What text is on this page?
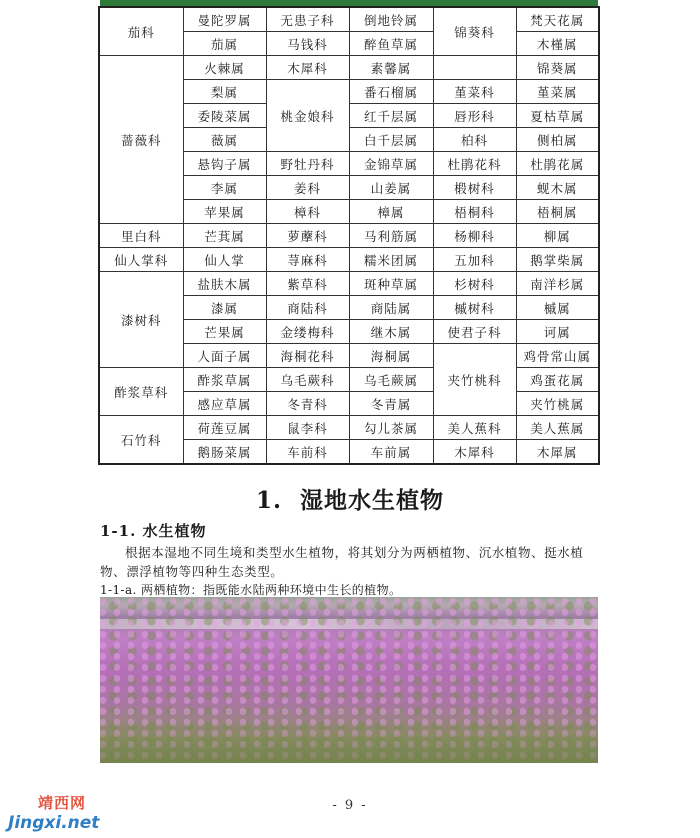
茄科	曼陀罗属	无患子科	倒地铃属	锦葵科	梵天花属
	茄属	马钱科	醉鱼草属		木槿属
蔷薇科	火棘属	木犀科	素馨属		锦葵属
	梨属	桃金娘科	番石榴属	堇菜科	堇菜属
	委陵菜属		红千层属	唇形科	夏枯草属
	薇属		白千层属	柏科	侧柏属
	悬钩子属	野牡丹科	金锦草属	杜鹃花科	杜鹃花属
	李属	姜科	山姜属	椴树科	蚬木属
	苹果属	樟科	樟属	梧桐科	梧桐属
里白科	芒萁属	萝藦科	马利筋属	杨柳科	柳属
仙人掌科	仙人掌	荨麻科	糯米团属	五加科	鹅掌柴属
漆树科	盐肤木属	紫草科	斑种草属	杉树科	南洋杉属
	漆属	商陆科	商陆属	槭树科	槭属
	芒果属	金缕梅科	继木属	使君子科	诃属
	人面子属	海桐花科	海桐属	夹竹桃科	鸡骨常山属
酢浆草科	酢浆草属	乌毛蕨科	乌毛蕨属		鸡蛋花属
	感应草属	冬青科	冬青属		夹竹桃属
石竹科	荷莲豆属	鼠李科	勾儿茶属	美人蕉科	美人蕉属
	鹅肠菜属	车前科	车前属	木犀科	木犀属
1. 湿地水生植物
1-1. 水生植物
根据本湿地不同生境和类型水生植物，将其划分为两栖植物、沉水植物、挺水植物、漂浮植物等四种生态类型。
1-1-a. 两栖植物：指既能水陆两种环境中生长的植物。
- 9 -
靖西网
Jingxi.net
